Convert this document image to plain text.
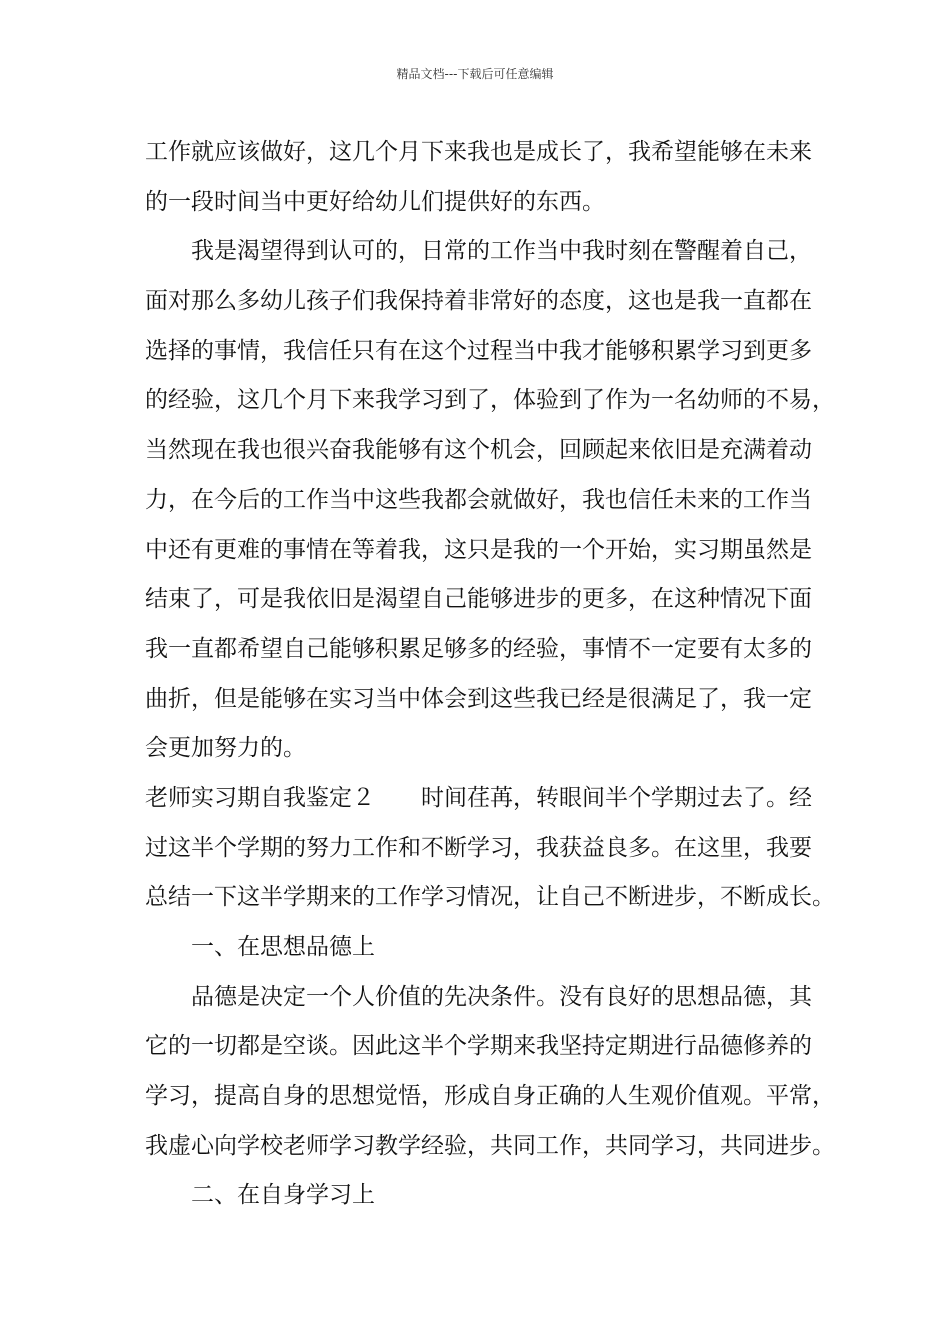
精品文档---下载后可任意编辑
工作就应该做好，这几个月下来我也是成长了，我希望能够在未来
的一段时间当中更好给幼儿们提供好的东西。
我是渴望得到认可的，日常的工作当中我时刻在警醒着自己，
面对那么多幼儿孩子们我保持着非常好的态度，这也是我一直都在
选择的事情，我信任只有在这个过程当中我才能够积累学习到更多
的经验，这几个月下来我学习到了，体验到了作为一名幼师的不易，
当然现在我也很兴奋我能够有这个机会，回顾起来依旧是充满着动
力，在今后的工作当中这些我都会就做好，我也信任未来的工作当
中还有更难的事情在等着我，这只是我的一个开始，实习期虽然是
结束了，可是我依旧是渴望自己能够进步的更多，在这种情况下面
我一直都希望自己能够积累足够多的经验，事情不一定要有太多的
曲折，但是能够在实习当中体会到这些我已经是很满足了，我一定
会更加努力的。
老师实习期自我鉴定２ 时间荏苒，转眼间半个学期过去了。经
过这半个学期的努力工作和不断学习，我获益良多。在这里，我要
总结一下这半学期来的工作学习情况，让自己不断进步，不断成长。
一、在思想品德上
品德是决定一个人价值的先决条件。没有良好的思想品德，其
它的一切都是空谈。因此这半个学期来我坚持定期进行品德修养的
学习，提高自身的思想觉悟，形成自身正确的人生观价值观。平常，
我虚心向学校老师学习教学经验，共同工作，共同学习，共同进步。
二、在自身学习上
